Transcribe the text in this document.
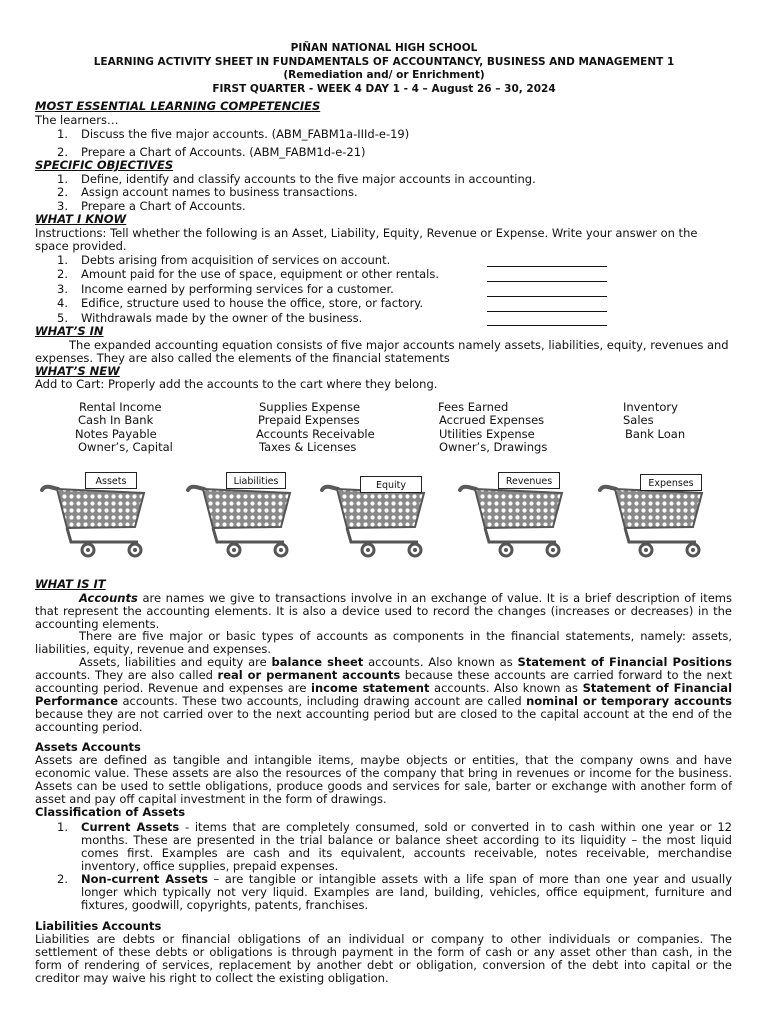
PIÑAN NATIONAL HIGH SCHOOL
LEARNING ACTIVITY SHEET IN FUNDAMENTALS OF ACCOUNTANCY, BUSINESS AND MANAGEMENT 1
(Remediation and/ or Enrichment)
FIRST QUARTER - WEEK 4 DAY 1 - 4 – August 26 – 30, 2024
MOST ESSENTIAL LEARNING COMPETENCIES
The learners…
1. Discuss the five major accounts. (ABM_FABM1a-IIId-e-19)
2. Prepare a Chart of Accounts. (ABM_FABM1d-e-21)
SPECIFIC OBJECTIVES
1. Define, identify and classify accounts to the five major accounts in accounting.
2. Assign account names to business transactions.
3. Prepare a Chart of Accounts.
WHAT I KNOW
Instructions: Tell whether the following is an Asset, Liability, Equity, Revenue or Expense. Write your answer on the space provided.
1. Debts arising from acquisition of services on account.
2. Amount paid for the use of space, equipment or other rentals.
3. Income earned by performing services for a customer.
4. Edifice, structure used to house the office, store, or factory.
5. Withdrawals made by the owner of the business.
WHAT’S IN
The expanded accounting equation consists of five major accounts namely assets, liabilities, equity, revenues and expenses. They are also called the elements of the financial statements
WHAT’S NEW
Add to Cart: Properly add the accounts to the cart where they belong.
Rental Income	Supplies Expense	Fees Earned	Inventory
Cash In Bank	Prepaid Expenses	Accrued Expenses	Sales
Notes Payable	Accounts Receivable	Utilities Expense	Bank Loan
Owner’s, Capital	Taxes & Licenses	Owner’s, Drawings
Assets	Liabilities	Equity	Revenues	Expenses
WHAT IS IT
Accounts are names we give to transactions involve in an exchange of value. It is a brief description of items that represent the accounting elements. It is also a device used to record the changes (increases or decreases) in the accounting elements.
There are five major or basic types of accounts as components in the financial statements, namely: assets, liabilities, equity, revenue and expenses.
Assets, liabilities and equity are balance sheet accounts. Also known as Statement of Financial Positions accounts. They are also called real or permanent accounts because these accounts are carried forward to the next accounting period. Revenue and expenses are income statement accounts. Also known as Statement of Financial Performance accounts. These two accounts, including drawing account are called nominal or temporary accounts because they are not carried over to the next accounting period but are closed to the capital account at the end of the accounting period.
Assets Accounts
Assets are defined as tangible and intangible items, maybe objects or entities, that the company owns and have economic value. These assets are also the resources of the company that bring in revenues or income for the business. Assets can be used to settle obligations, produce goods and services for sale, barter or exchange with another form of asset and pay off capital investment in the form of drawings.
Classification of Assets
1. Current Assets - items that are completely consumed, sold or converted in to cash within one year or 12 months. These are presented in the trial balance or balance sheet according to its liquidity – the most liquid comes first. Examples are cash and its equivalent, accounts receivable, notes receivable, merchandise inventory, office supplies, prepaid expenses.
2. Non-current Assets – are tangible or intangible assets with a life span of more than one year and usually longer which typically not very liquid. Examples are land, building, vehicles, office equipment, furniture and fixtures, goodwill, copyrights, patents, franchises.
Liabilities Accounts
Liabilities are debts or financial obligations of an individual or company to other individuals or companies. The settlement of these debts or obligations is through payment in the form of cash or any asset other than cash, in the form of rendering of services, replacement by another debt or obligation, conversion of the debt into capital or the creditor may waive his right to collect the existing obligation.
